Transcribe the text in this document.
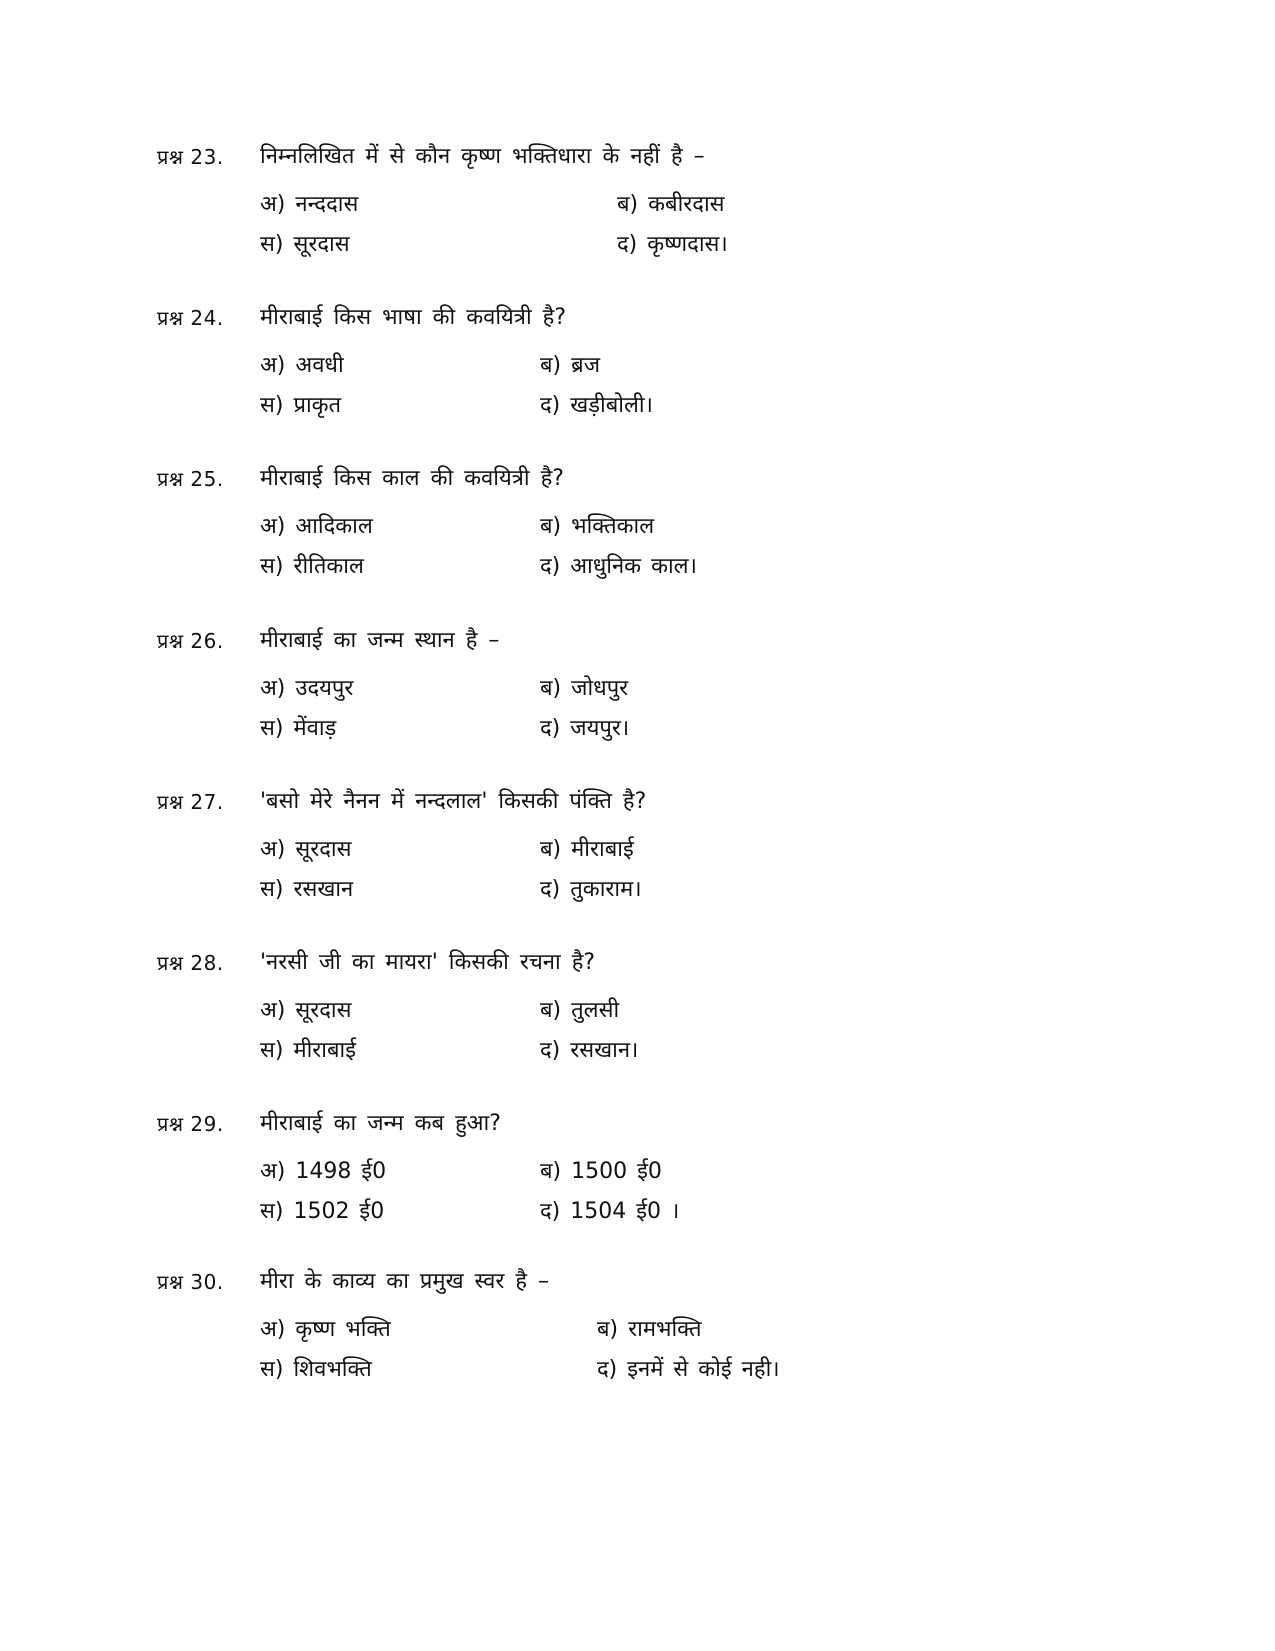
प्रश्न 23. निम्नलिखित में से कौन कृष्ण भक्तिधारा के नहीं है –
अ) नन्ददास	ब) कबीरदास
स) सूरदास	द) कृष्णदास।
प्रश्न 24. मीराबाई किस भाषा की कवयित्री है?
अ) अवधी	ब) ब्रज
स) प्राकृत	द) खड़ीबोली।
प्रश्न 25. मीराबाई किस काल की कवयित्री है?
अ) आदिकाल	ब) भक्तिकाल
स) रीतिकाल	द) आधुनिक काल।
प्रश्न 26. मीराबाई का जन्म स्थान है –
अ) उदयपुर	ब) जोधपुर
स) मेंवाड़	द) जयपुर।
प्रश्न 27. 'बसो मेरे नैनन में नन्दलाल' किसकी पंक्ति है?
अ) सूरदास	ब) मीराबाई
स) रसखान	द) तुकाराम।
प्रश्न 28. 'नरसी जी का मायरा' किसकी रचना है?
अ) सूरदास	ब) तुलसी
स) मीराबाई	द) रसखान।
प्रश्न 29. मीराबाई का जन्म कब हुआ?
अ) 1498 ई0	ब) 1500 ई0
स) 1502 ई0	द) 1504 ई0 ।
प्रश्न 30. मीरा के काव्य का प्रमुख स्वर है –
अ) कृष्ण भक्ति	ब) रामभक्ति
स) शिवभक्ति	द) इनमें से कोई नही।
